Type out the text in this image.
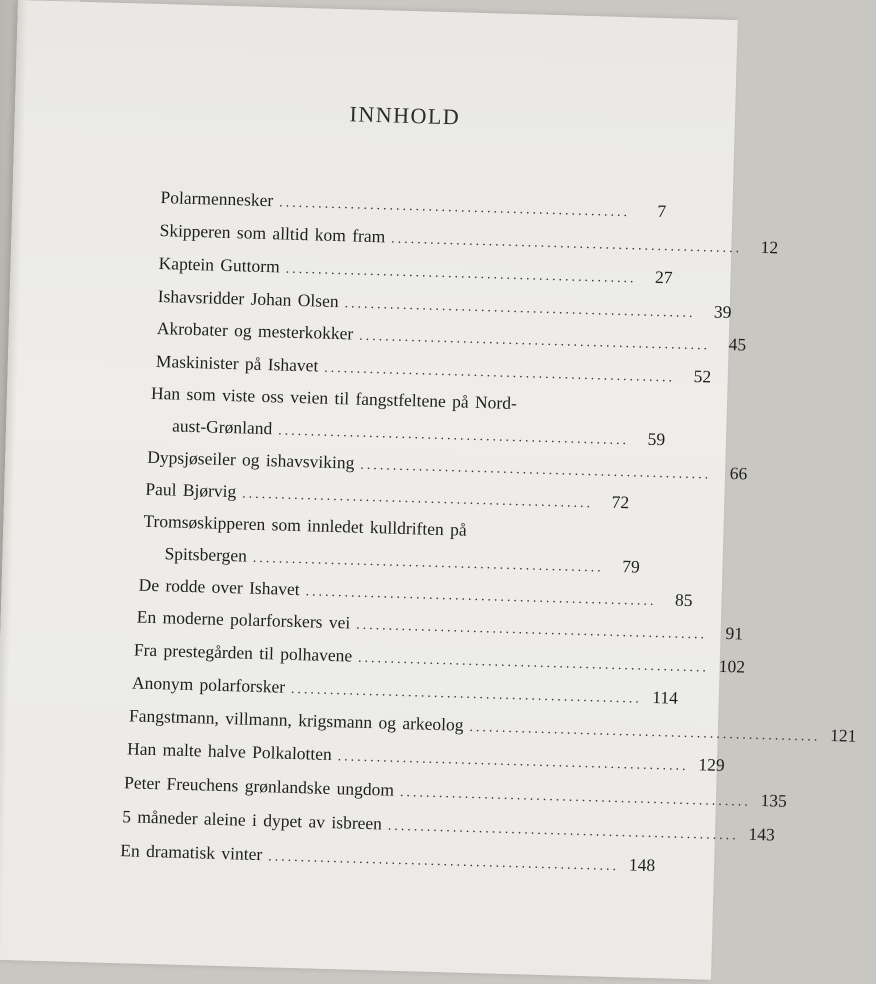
INNHOLD
Polarmennesker ......................................................	7
Skipperen som alltid kom fram ......................................................	12
Kaptein Guttorm ......................................................	27
Ishavsridder Johan Olsen ......................................................	39
Akrobater og mesterkokker ......................................................	45
Maskinister på Ishavet ......................................................	52
Han som viste oss veien til fangstfeltene på Nord-
aust-Grønland ......................................................	59
Dypsjøseiler og ishavsviking ......................................................	66
Paul Bjørvig ......................................................	72
Tromsøskipperen som innledet kulldriften på
Spitsbergen ......................................................	79
De rodde over Ishavet ......................................................	85
En moderne polarforskers vei ......................................................	91
Fra prestegården til polhavene ...................................................... 102
Anonym polarforsker ...................................................... 114
Fangstmann, villmann, krigsmann og arkeolog ...................................................... 121
Han malte halve Polkalotten ...................................................... 129
Peter Freuchens grønlandske ungdom ...................................................... 135
5 måneder aleine i dypet av isbreen ...................................................... 143
En dramatisk vinter ...................................................... 148
